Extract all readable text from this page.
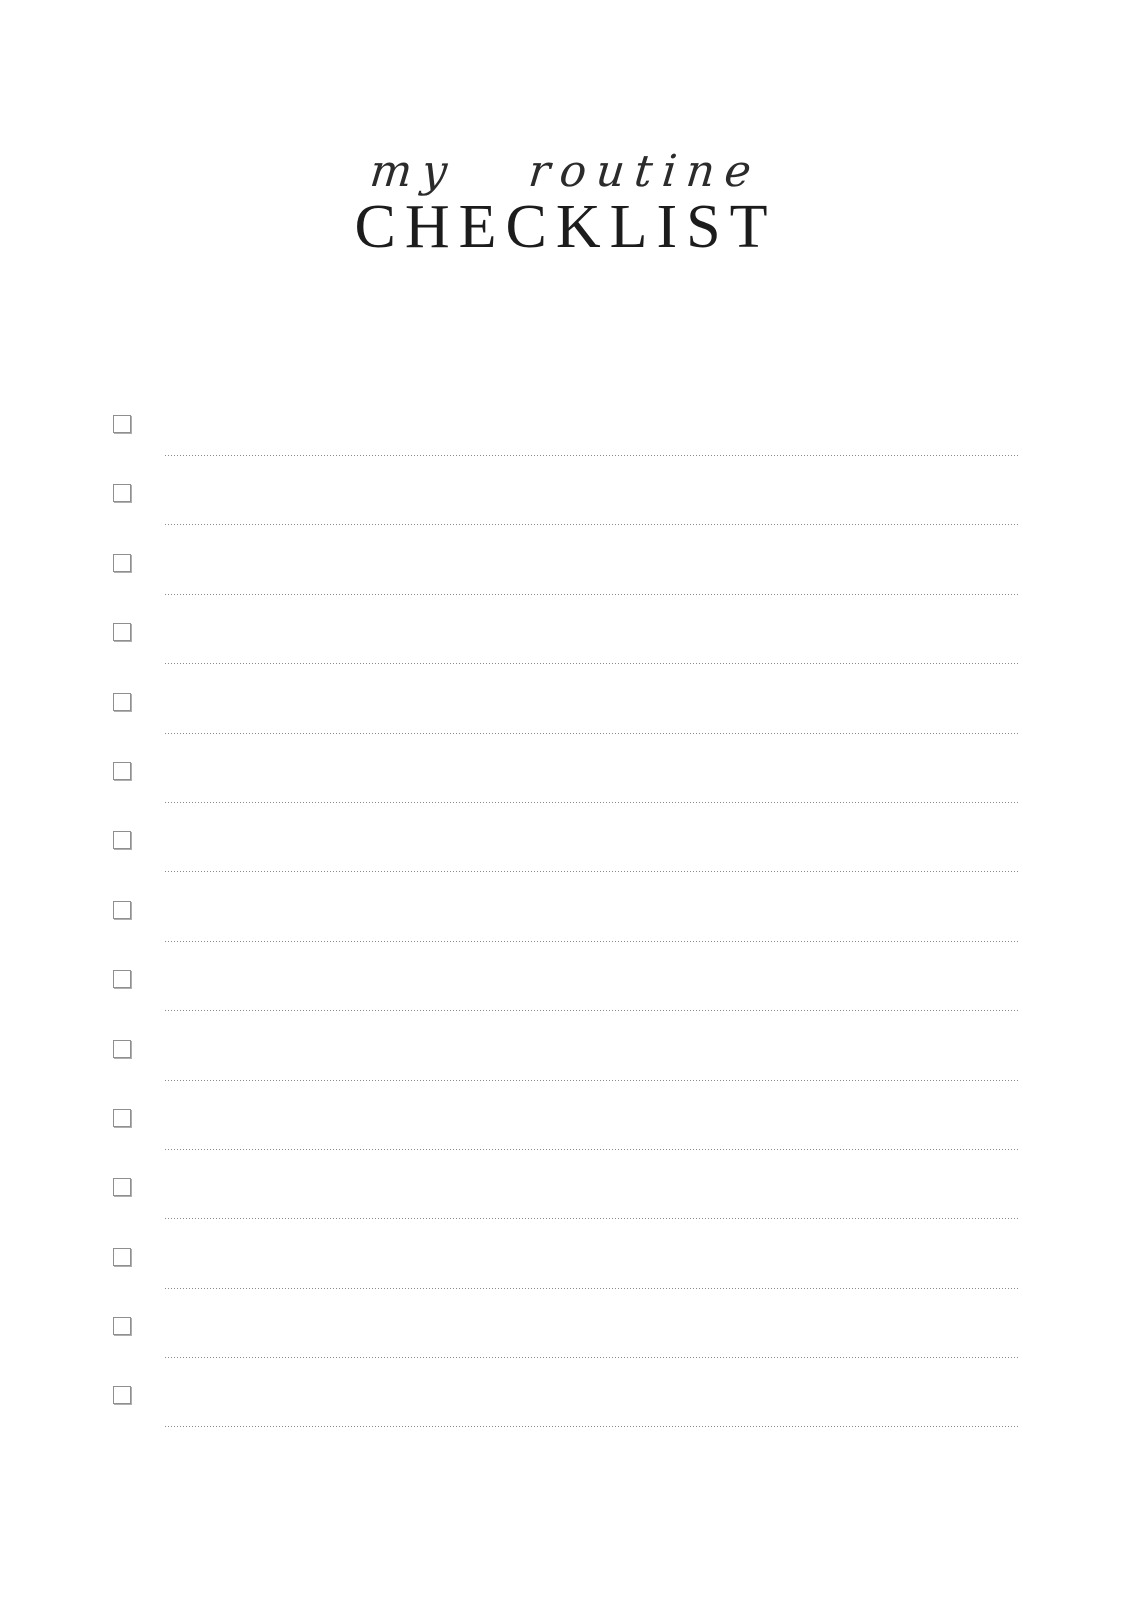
my routine
CHECKLIST
